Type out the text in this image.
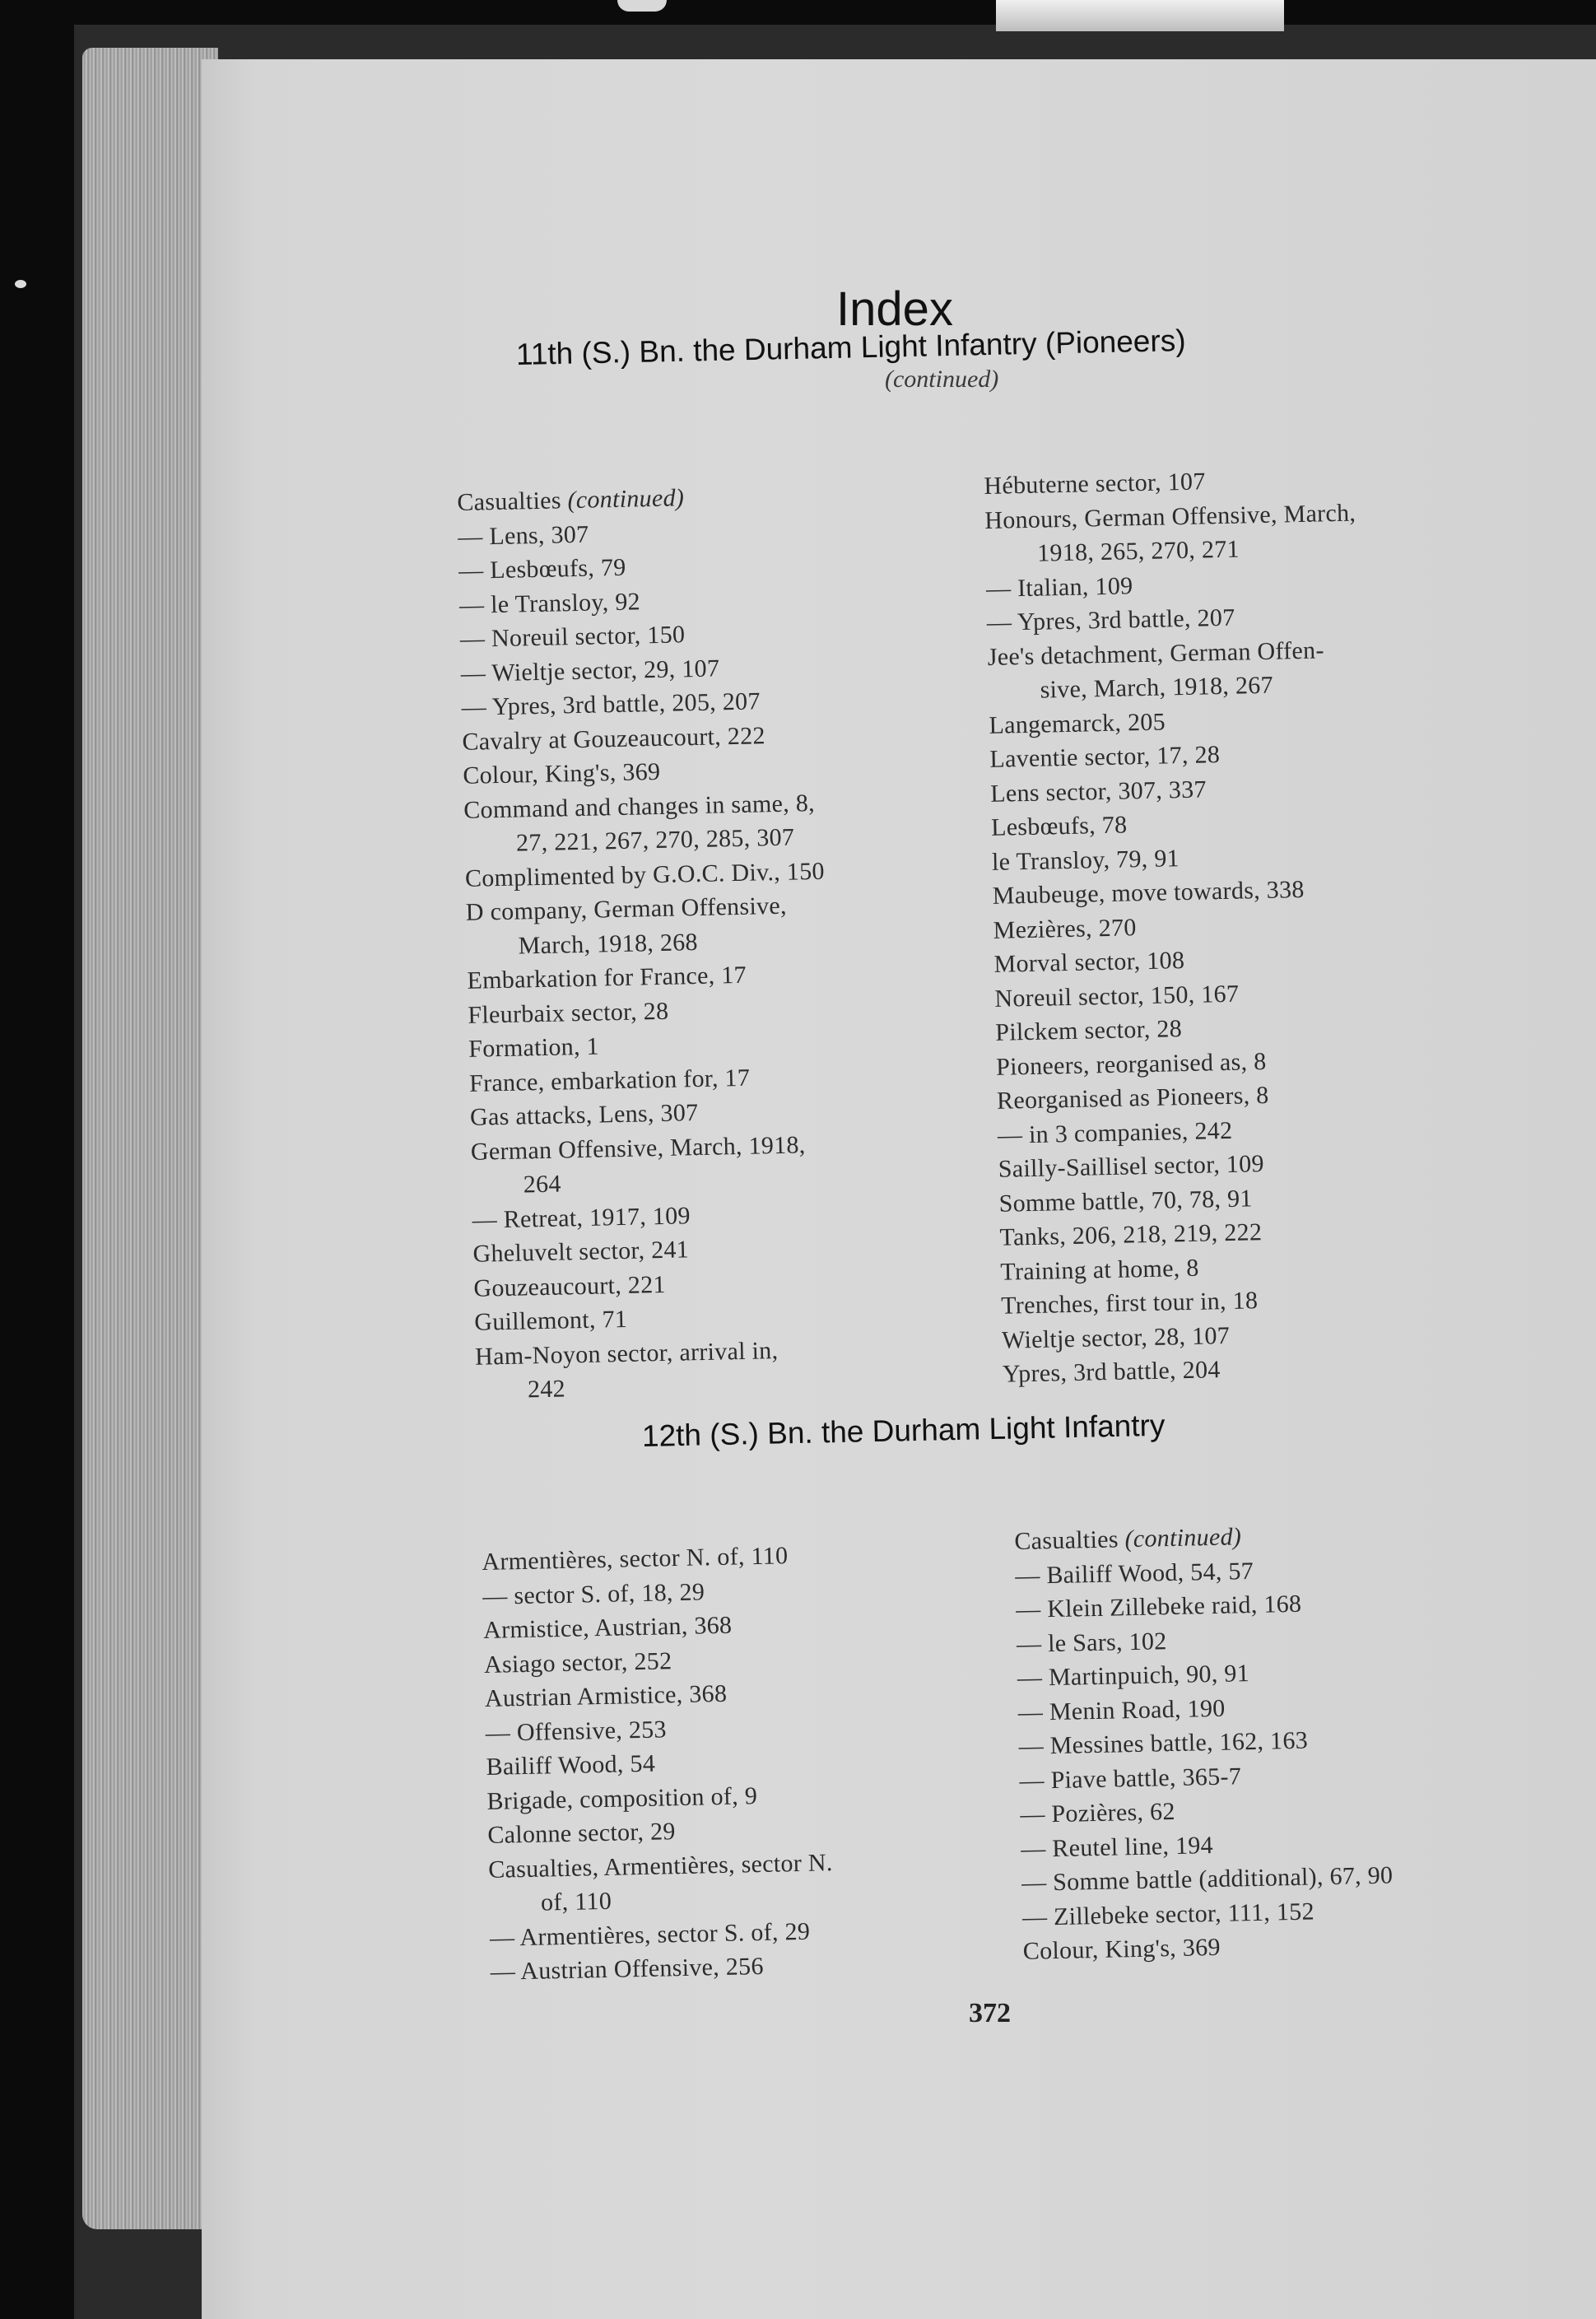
Index
11th (S.) Bn. the Durham Light Infantry (Pioneers)

(continued)

Casualties (continued)
— Lens, 307
— Lesbœufs, 79
— le Transloy, 92
— Noreuil sector, 150
— Wieltje sector, 29, 107
— Ypres, 3rd battle, 205, 207
Cavalry at Gouzeaucourt, 222
Colour, King's, 369
Command and changes in same, 8,
27, 221, 267, 270, 285, 307
Complimented by G.O.C. Div., 150
D company, German Offensive,
March, 1918, 268
Embarkation for France, 17
Fleurbaix sector, 28
Formation, 1
France, embarkation for, 17
Gas attacks, Lens, 307
German Offensive, March, 1918,
264
— Retreat, 1917, 109
Gheluvelt sector, 241
Gouzeaucourt, 221
Guillemont, 71
Ham-Noyon sector, arrival in,
242
Hébuterne sector, 107
Honours, German Offensive, March,
1918, 265, 270, 271
— Italian, 109
— Ypres, 3rd battle, 207
Jee's detachment, German Offen-
sive, March, 1918, 267
Langemarck, 205
Laventie sector, 17, 28
Lens sector, 307, 337
Lesbœufs, 78
le Transloy, 79, 91
Maubeuge, move towards, 338
Mezières, 270
Morval sector, 108
Noreuil sector, 150, 167
Pilckem sector, 28
Pioneers, reorganised as, 8
Reorganised as Pioneers, 8
— in 3 companies, 242
Sailly-Saillisel sector, 109
Somme battle, 70, 78, 91
Tanks, 206, 218, 219, 222
Training at home, 8
Trenches, first tour in, 18
Wieltje sector, 28, 107
Ypres, 3rd battle, 204
12th (S.) Bn. the Durham Light Infantry
Armentières, sector N. of, 110
— sector S. of, 18, 29
Armistice, Austrian, 368
Asiago sector, 252
Austrian Armistice, 368
— Offensive, 253
Bailiff Wood, 54
Brigade, composition of, 9
Calonne sector, 29
Casualties, Armentières, sector N.
of, 110
— Armentières, sector S. of, 29
— Austrian Offensive, 256
Casualties (continued)
— Bailiff Wood, 54, 57
— Klein Zillebeke raid, 168
— le Sars, 102
— Martinpuich, 90, 91
— Menin Road, 190
— Messines battle, 162, 163
— Piave battle, 365-7
— Pozières, 62
— Reutel line, 194
— Somme battle (additional), 67, 90
— Zillebeke sector, 111, 152
Colour, King's, 369

372
